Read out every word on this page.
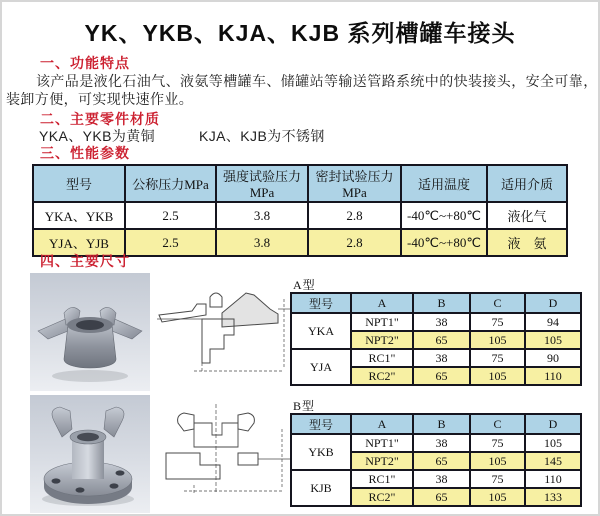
YK、YKB、KJA、KJB 系列槽罐车接头
一、功能特点
该产品是液化石油气、液氨等槽罐车、储罐站等输送管路系统中的快装接头，安全可靠，装卸方便，可实现快速作业。
二、主要零件材质
YKA、YKB为黄铜	KJA、KJB为不锈钢
三、性能参数
型号	公称压力MPa	强度试验压力MPa	密封试验压力MPa	适用温度	适用介质
YKA、YKB	2.5	3.8	2.8	-40℃~+80℃	液化气
YJA、YJB	2.5	3.8	2.8	-40℃~+80℃	液　氨
四、主要尺寸
A型
型号	A	B	C	D
YKA	NPT1"	38	75	94
	NPT2"	65	105	105
YJA	RC1"	38	75	90
	RC2"	65	105	110
B型
型号	A	B	C	D
YKB	NPT1"	38	75	105
	NPT2"	65	105	145
KJB	RC1"	38	75	110
	RC2"	65	105	133
